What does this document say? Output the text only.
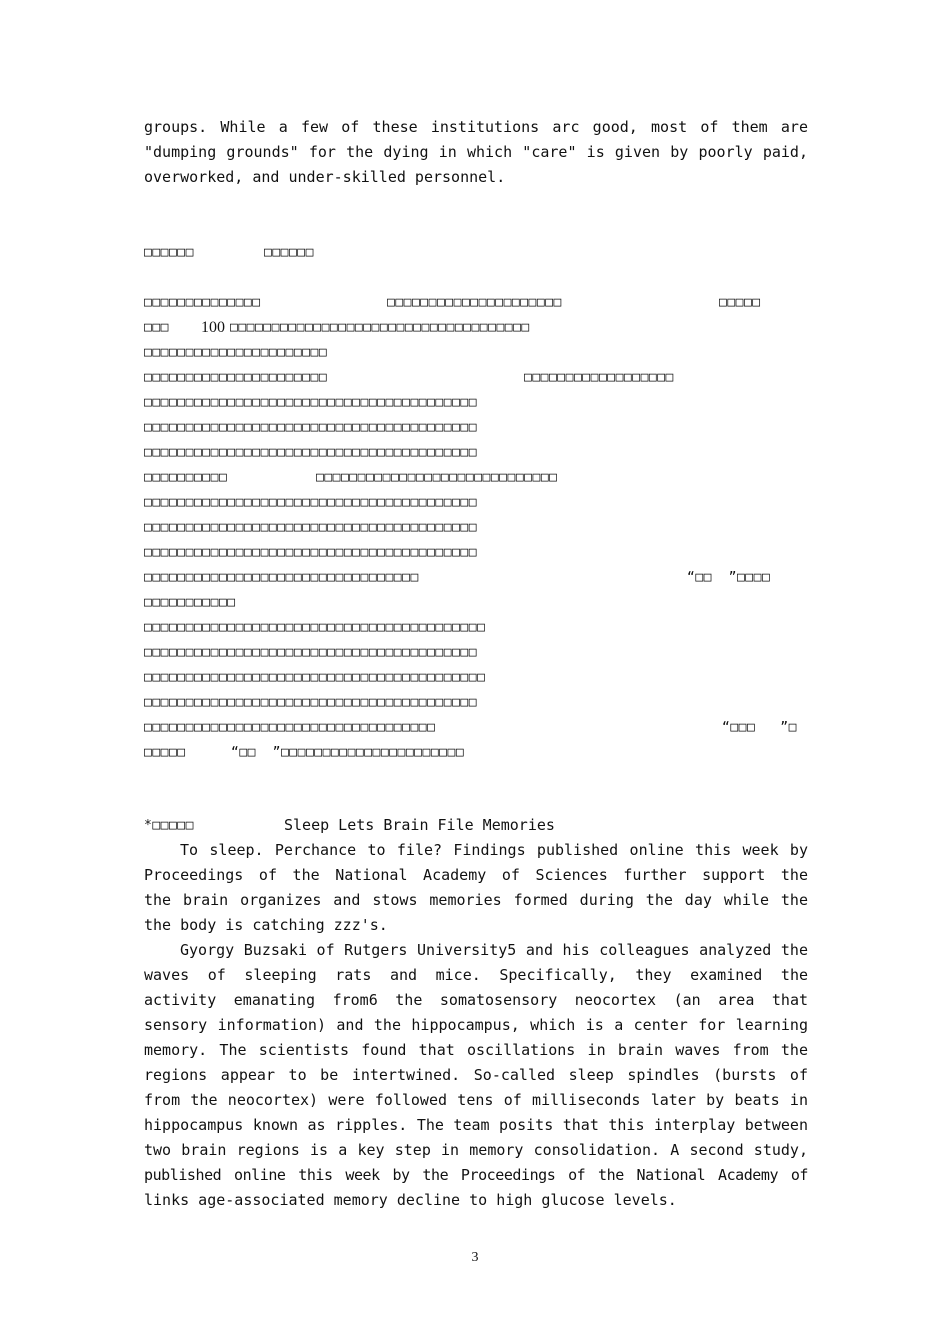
groups. While a few of these institutions arc good, most of them are
"dumping grounds" for the dying in which "care" is given by poorly paid,
overworked, and under-skilled personnel.

□□□□□□

	□□□□□□

□□□□□□□□□□□□□□

	□□□□□□□□□□□□□□□□□□□□□

	□□□□□

□□□

100

□□□□□□□□□□□□□□□□□□□□□□□□□□□□□□□□□□□□

□□□□□□□□□□□□□□□□□□□□□□

□□□□□□□□□□□□□□□□□□□□□□

	□□□□□□□□□□□□□□□□□□

□□□□□□□□□□□□□□□□□□□□□□□□□□□□□□□□□□□□□□□□

□□□□□□□□□□□□□□□□□□□□□□□□□□□□□□□□□□□□□□□□

□□□□□□□□□□□□□□□□□□□□□□□□□□□□□□□□□□□□□□□□

□□□□□□□□□□

	□□□□□□□□□□□□□□□□□□□□□□□□□□□□□

□□□□□□□□□□□□□□□□□□□□□□□□□□□□□□□□□□□□□□□□

□□□□□□□□□□□□□□□□□□□□□□□□□□□□□□□□□□□□□□□□

□□□□□□□□□□□□□□□□□□□□□□□□□□□□□□□□□□□□□□□□

□□□□□□□□□□□□□□□□□□□□□□□□□□□□□□□□□

	“□□  ”□□□□

□□□□□□□□□□□

□□□□□□□□□□□□□□□□□□□□□□□□□□□□□□□□□□□□□□□□□

□□□□□□□□□□□□□□□□□□□□□□□□□□□□□□□□□□□□□□□□

□□□□□□□□□□□□□□□□□□□□□□□□□□□□□□□□□□□□□□□□□

□□□□□□□□□□□□□□□□□□□□□□□□□□□□□□□□□□□□□□□□

□□□□□□□□□□□□□□□□□□□□□□□□□□□□□□□□□□□

	“□□□   ”□

□□□□□

	“□□  ”□□□□□□□□□□□□□□□□□□□□□□

*□□□□□

	Sleep Lets Brain File Memories

To sleep. Perchance to file? Findings published online this week by
Proceedings of the National Academy of Sciences further support the
the brain organizes and stows memories formed during the day while the
the body is catching zzz's.
Gyorgy Buzsaki of Rutgers University5 and his colleagues analyzed the
waves of sleeping rats and mice. Specifically, they examined the
activity emanating from6 the somatosensory neocortex (an area that
sensory information) and the hippocampus, which is a center for learning
memory. The scientists found that oscillations in brain waves from the
regions appear to be intertwined. So-called sleep spindles (bursts of
from the neocortex) were followed tens of milliseconds later by beats in
hippocampus known as ripples. The team posits that this interplay between
two brain regions is a key step in memory consolidation. A second study,
published online this week by the Proceedings of the National Academy of
links age-associated memory decline to high glucose levels.
3
